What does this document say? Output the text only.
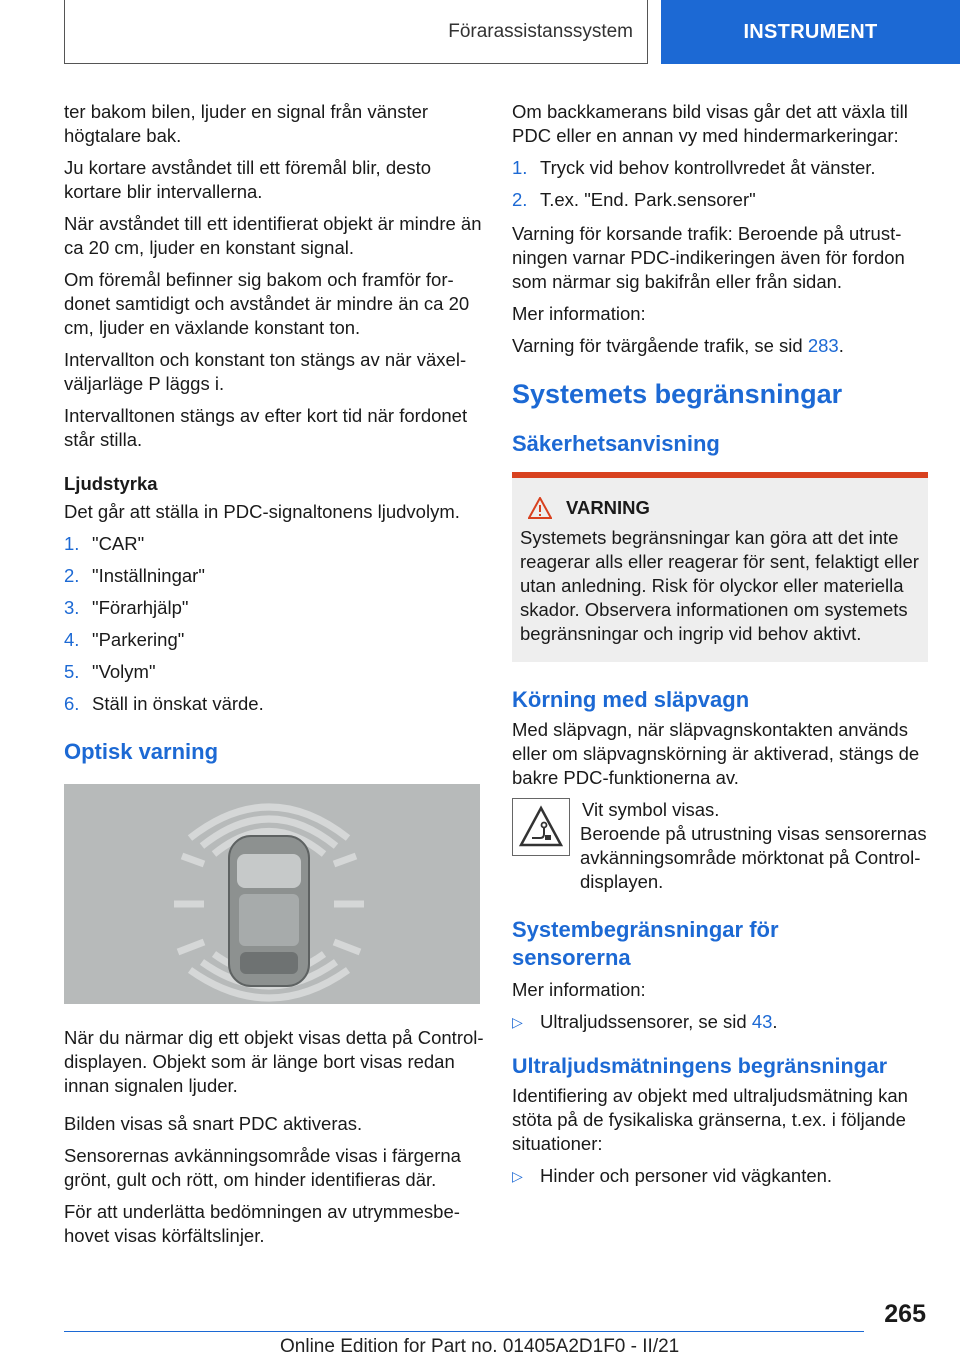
Förarassistanssystem	INSTRUMENT

ter bakom bilen, ljuder en signal från vänster högtalare bak.

Ju kortare avståndet till ett föremål blir, desto kortare blir intervallerna.

När avståndet till ett identifierat objekt är mindre än ca 20 cm, ljuder en konstant signal.

Om föremål befinner sig bakom och framför fordonet samtidigt och avståndet är mindre än ca 20 cm, ljuder en växlande konstant ton.

Intervallton och konstant ton stängs av när växelväljarläge P läggs i.

Intervalltonen stängs av efter kort tid när fordonet står stilla.

Ljudstyrka

Det går att ställa in PDC-signaltonens ljudvolym.

1. "CAR"
2. "Inställningar"
3. "Förarhjälp"
4. "Parkering"
5. "Volym"
6. Ställ in önskat värde.
Optisk varning

När du närmar dig ett objekt visas detta på Control-displayen. Objekt som är länge bort visas redan innan signalen ljuder.

Bilden visas så snart PDC aktiveras.

Sensorernas avkänningsområde visas i färgerna grönt, gult och rött, om hinder identifieras där.

För att underlätta bedömningen av utrymmesbehovet visas körfältslinjer.

Om backkamerans bild visas går det att växla till PDC eller en annan vy med hindermarkeringar:

1. Tryck vid behov kontrollvredet åt vänster.
2. T.ex. "End. Park.sensorer"

Varning för korsande trafik: Beroende på utrustningen varnar PDC-indikeringen även för fordon som närmar sig bakifrån eller från sidan.

Mer information:

Varning för tvärgående trafik, se sid 283.

Systemets begränsningar
Säkerhetsanvisning
VARNING
Systemets begränsningar kan göra att det inte reagerar alls eller reagerar för sent, felaktigt eller utan anledning. Risk för olyckor eller materiella skador. Observera informationen om systemets begränsningar och ingrip vid behov aktivt.
Körning med släpvagn

Med släpvagn, när släpvagnskontakten används eller om släpvagnskörning är aktiverad, stängs de bakre PDC-funktionerna av.

Vit symbol visas.

Beroende på utrustning visas sensorernas avkänningsområde mörktonat på Control-displayen.

Systembegränsningar för
sensorerna

Mer information:

▷ Ultraljudssensorer, se sid 43.
Ultraljudsmätningens begränsningar

Identifiering av objekt med ultraljudsmätning kan stöta på de fysikaliska gränserna, t.ex. i följande situationer:

▷ Hinder och personer vid vägkanten.
265
Online Edition for Part no. 01405A2D1F0 - II/21
